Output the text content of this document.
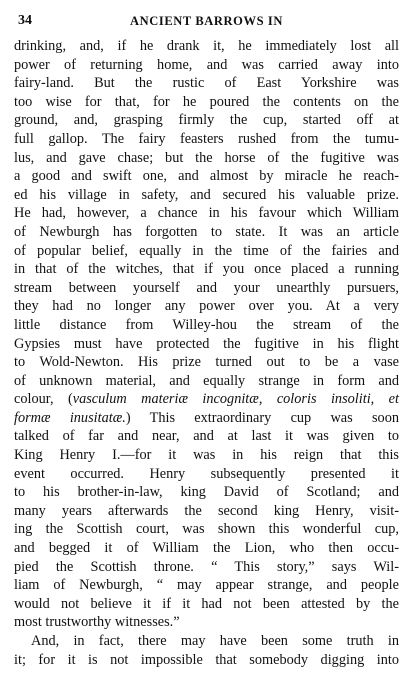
34	ANCIENT BARROWS IN
drinking, and, if he drank it, he immediately lost all
power of returning home, and was carried away into
fairy-land. But the rustic of East Yorkshire was
too wise for that, for he poured the contents on the
ground, and, grasping firmly the cup, started off at
full gallop. The fairy feasters rushed from the tumu-
lus, and gave chase; but the horse of the fugitive was
a good and swift one, and almost by miracle he reach-
ed his village in safety, and secured his valuable prize.
He had, however, a chance in his favour which William
of Newburgh has forgotten to state. It was an article
of popular belief, equally in the time of the fairies and
in that of the witches, that if you once placed a running
stream between yourself and your unearthly pursuers,
they had no longer any power over you. At a very
little distance from Willey-hou the stream of the
Gypsies must have protected the fugitive in his flight
to Wold-Newton. His prize turned out to be a vase
of unknown material, and equally strange in form and
colour, (vasculum materiæ incognitæ, coloris insoliti, et
formæ inusitatæ.) This extraordinary cup was soon
talked of far and near, and at last it was given to
King Henry I.—for it was in his reign that this
event occurred. Henry subsequently presented it
to his brother-in-law, king David of Scotland; and
many years afterwards the second king Henry, visit-
ing the Scottish court, was shown this wonderful cup,
and begged it of William the Lion, who then occu-
pied the Scottish throne. “ This story,” says Wil-
liam of Newburgh, “ may appear strange, and people
would not believe it if it had not been attested by the
most trustworthy witnesses.”
And, in fact, there may have been some truth in
it; for it is not impossible that somebody digging into
